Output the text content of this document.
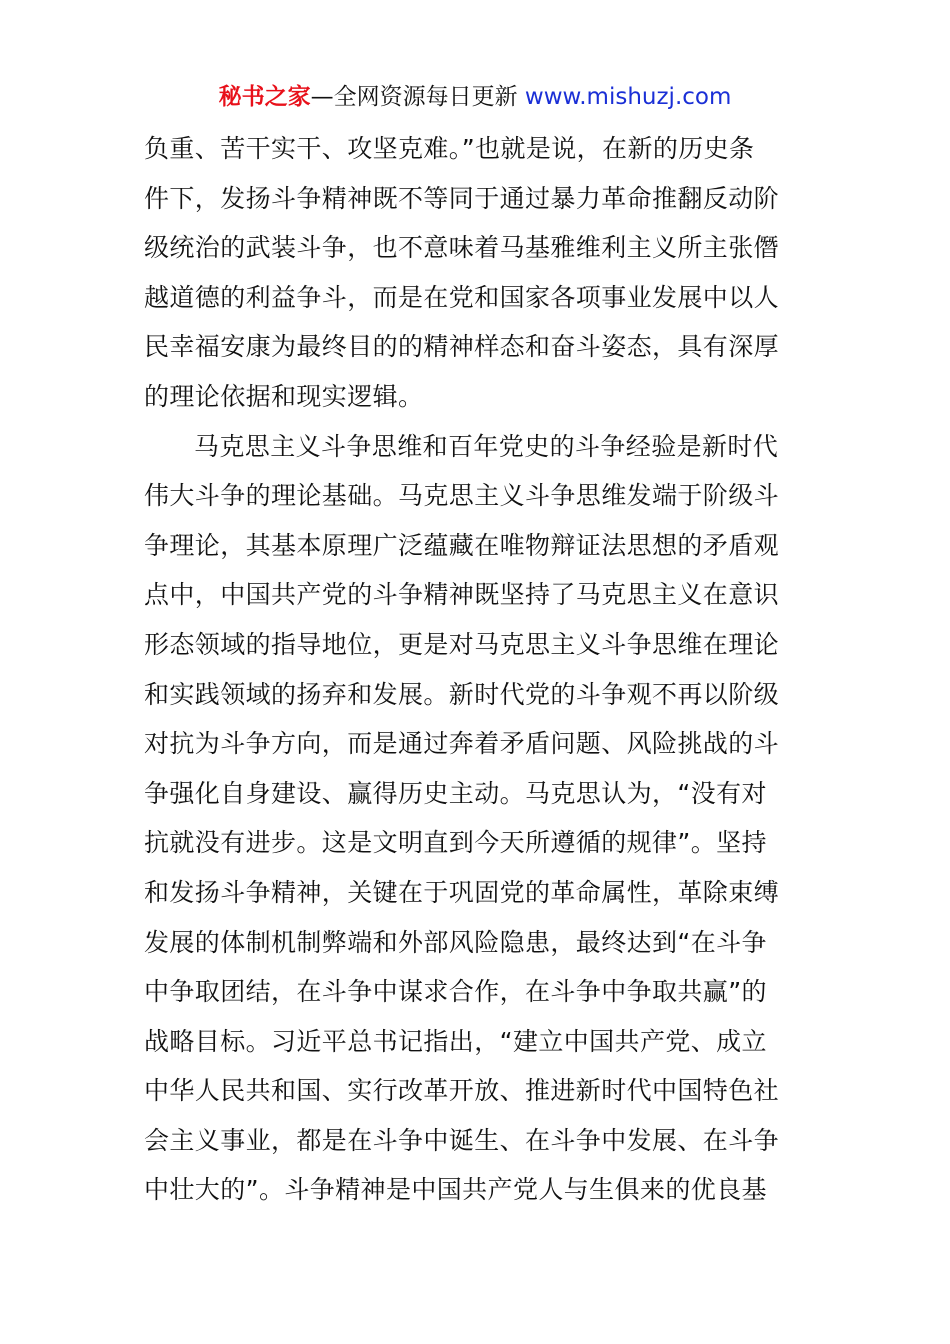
秘书之家—全网资源每日更新 www.mishuzj.com
负重、苦干实干、攻坚克难。”也就是说，在新的历史条
件下，发扬斗争精神既不等同于通过暴力革命推翻反动阶
级统治的武装斗争，也不意味着马基雅维利主义所主张僭
越道德的利益争斗，而是在党和国家各项事业发展中以人
民幸福安康为最终目的的精神样态和奋斗姿态，具有深厚
的理论依据和现实逻辑。
马克思主义斗争思维和百年党史的斗争经验是新时代
伟大斗争的理论基础。马克思主义斗争思维发端于阶级斗
争理论，其基本原理广泛蕴藏在唯物辩证法思想的矛盾观
点中，中国共产党的斗争精神既坚持了马克思主义在意识
形态领域的指导地位，更是对马克思主义斗争思维在理论
和实践领域的扬弃和发展。新时代党的斗争观不再以阶级
对抗为斗争方向，而是通过奔着矛盾问题、风险挑战的斗
争强化自身建设、赢得历史主动。马克思认为，“没有对
抗就没有进步。这是文明直到今天所遵循的规律”。坚持
和发扬斗争精神，关键在于巩固党的革命属性，革除束缚
发展的体制机制弊端和外部风险隐患，最终达到“在斗争
中争取团结，在斗争中谋求合作，在斗争中争取共赢”的
战略目标。习近平总书记指出，“建立中国共产党、成立
中华人民共和国、实行改革开放、推进新时代中国特色社
会主义事业，都是在斗争中诞生、在斗争中发展、在斗争
中壮大的”。斗争精神是中国共产党人与生俱来的优良基
